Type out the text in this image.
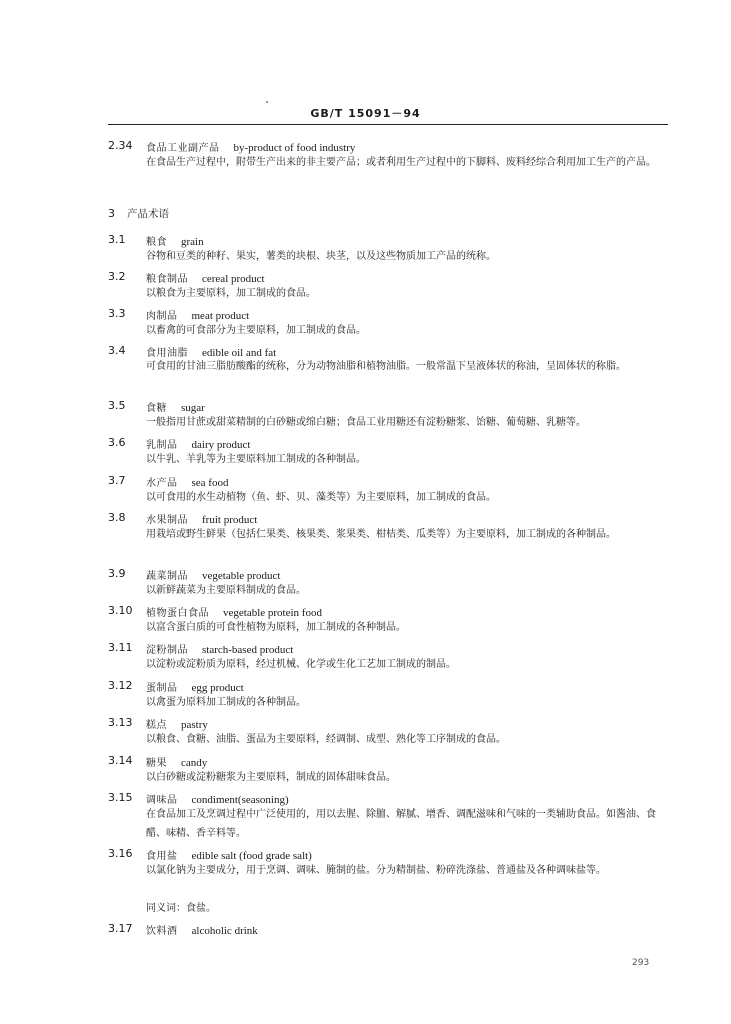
GB/T 15091－94
2.34	食品工业副产品 by-product of food industry
在食品生产过程中，附带生产出来的非主要产品；或者利用生产过程中的下脚料、废料经综合利用加工生产的产品。
3 产品术语
3.1	粮食 grain
谷物和豆类的种籽、果实，薯类的块根、块茎，以及这些物质加工产品的统称。
3.2	粮食制品 cereal product
以粮食为主要原料，加工制成的食品。
3.3	肉制品 meat product
以畜禽的可食部分为主要原料，加工制成的食品。
3.4	食用油脂 edible oil and fat
可食用的甘油三脂肪酸酯的统称，分为动物油脂和植物油脂。一般常温下呈液体状的称油，呈固体状的称脂。
3.5	食糖 sugar
一般指用甘蔗或甜菜精制的白砂糖或绵白糖；食品工业用糖还有淀粉糖浆、饴糖、葡萄糖、乳糖等。
3.6	乳制品 dairy product
以牛乳、羊乳等为主要原料加工制成的各种制品。
3.7	水产品 sea food
以可食用的水生动植物（鱼、虾、贝、藻类等）为主要原料，加工制成的食品。
3.8	水果制品 fruit product
用栽培或野生鲜果（包括仁果类、核果类、浆果类、柑桔类、瓜类等）为主要原料，加工制成的各种制品。
3.9	蔬菜制品 vegetable product
以新鲜蔬菜为主要原料制成的食品。
3.10	植物蛋白食品 vegetable protein food
以富含蛋白质的可食性植物为原料，加工制成的各种制品。
3.11	淀粉制品 starch-based product
以淀粉或淀粉质为原料，经过机械、化学或生化工艺加工制成的制品。
3.12	蛋制品 egg product
以禽蛋为原料加工制成的各种制品。
3.13	糕点 pastry
以粮食、食糖、油脂、蛋品为主要原料，经调制、成型、熟化等工序制成的食品。
3.14	糖果 candy
以白砂糖或淀粉糖浆为主要原料，制成的固体甜味食品。
3.15	调味品 condiment(seasoning)
在食品加工及烹调过程中广泛使用的，用以去腥、除膻、解腻、增香、调配滋味和气味的一类辅助食品。如酱油、食醋、味精、香辛料等。
3.16	食用盐 edible salt (food grade salt)
以氯化钠为主要成分，用于烹调、调味、腌制的盐。分为精制盐、粉碎洗涤盐、普通盐及各种调味盐等。
同义词：食盐。
3.17	饮料酒 alcoholic drink
293
